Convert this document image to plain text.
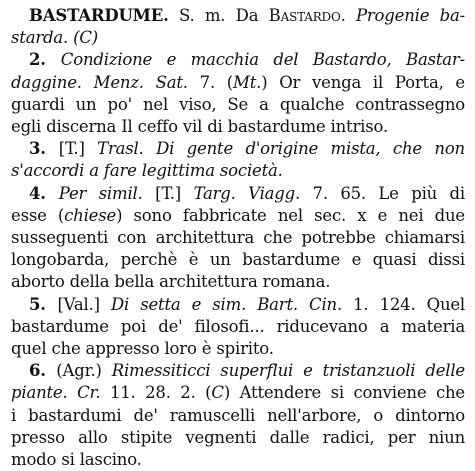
BASTARDUME. S. m. Da Bastardo. Progenie ba-
starda. (C)
2. Condizione e macchia del Bastardo, Bastar-
daggine. Menz. Sat. 7. (Mt.) Or venga il Porta, e
guardi un po' nel viso, Se a qualche contrassegno
egli discerna Il ceffo vil di bastardume intriso.
3. [T.] Trasl. Di gente d'origine mista, che non
s'accordi a fare legittima società.
4. Per simil. [T.] Targ. Viagg. 7. 65. Le più di
esse (chiese) sono fabbricate nel sec. x e nei due
susseguenti con architettura che potrebbe chiamarsi
longobarda, perchè è un bastardume e quasi dissi
aborto della bella architettura romana.
5. [Val.] Di setta e sim. Bart. Cin. 1. 124. Quel
bastardume poi de' filosofi... riducevano a materia
quel che appresso loro è spirito.
6. (Agr.) Rimessiticci superflui e tristanzuoli delle
piante. Cr. 11. 28. 2. (C) Attendere si conviene che
i bastardumi de' ramuscelli nell'arbore, o dintorno
presso allo stipite vegnenti dalle radici, per niun
modo si lascino.
